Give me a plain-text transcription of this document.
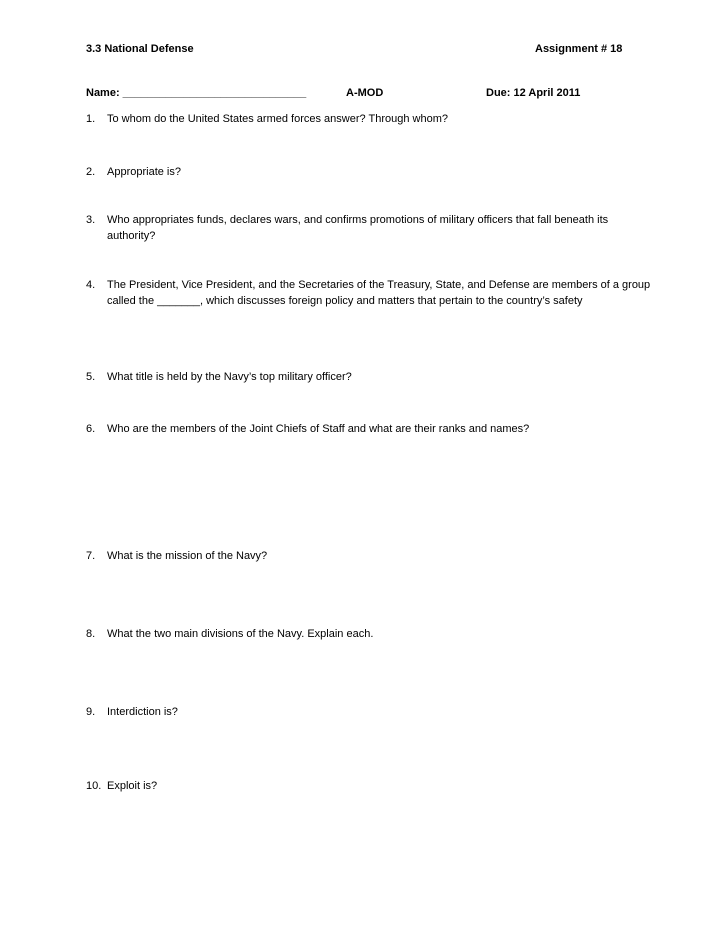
3.3 National Defense	Assignment # 18
Name: ______________________________	A-MOD	Due: 12 April 2011
1. To whom do the United States armed forces answer? Through whom?
2. Appropriate is?
3. Who appropriates funds, declares wars, and confirms promotions of military officers that fall beneath its authority?
4. The President, Vice President, and the Secretaries of the Treasury, State, and Defense are members of a group called the _______, which discusses foreign policy and matters that pertain to the country’s safety
5. What title is held by the Navy’s top military officer?
6. Who are the members of the Joint Chiefs of Staff and what are their ranks and names?
7. What is the mission of the Navy?
8. What the two main divisions of the Navy. Explain each.
9. Interdiction is?
10. Exploit is?
